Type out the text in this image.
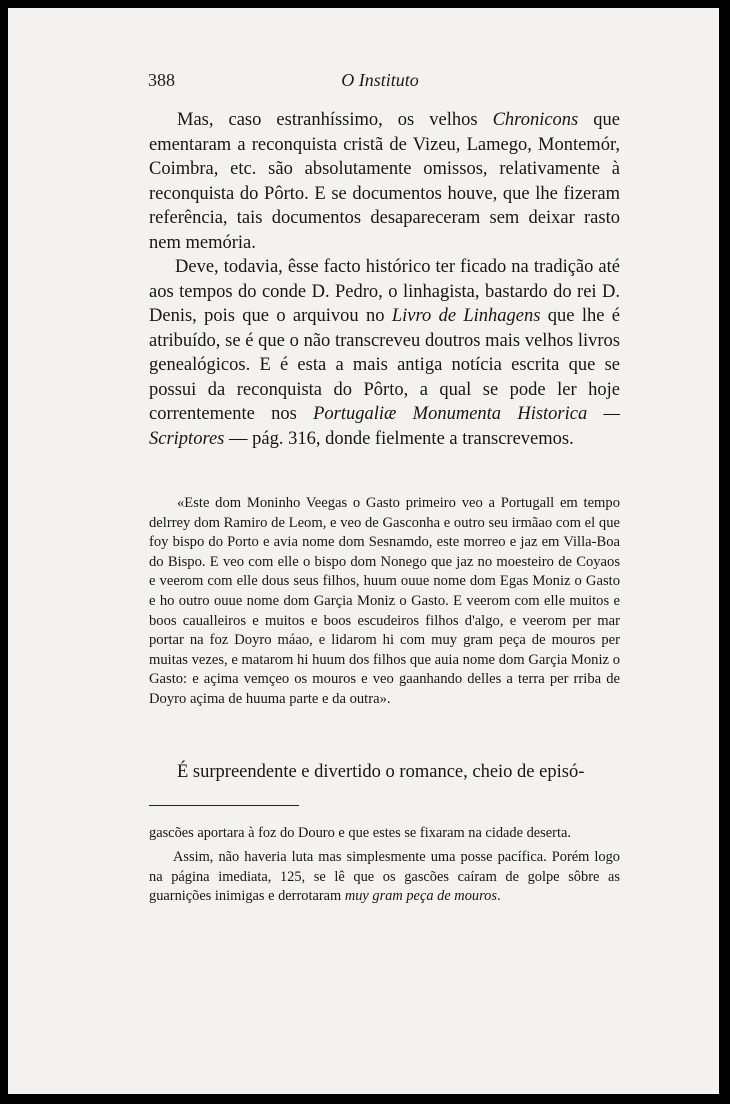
388	O Instituto

Mas, caso estranhíssimo, os velhos Chronicons que ementaram a reconquista cristã de Vizeu, Lamego, Montemór, Coimbra, etc. são absolutamente omissos, relativamente à reconquista do Pôrto. E se documentos houve, que lhe fizeram referência, tais documentos desapareceram sem deixar rasto nem memória.

Deve, todavia, êsse facto histórico ter ficado na tradição até aos tempos do conde D. Pedro, o linhagista, bastardo do rei D. Denis, pois que o arquivou no Livro de Linhagens que lhe é atribuído, se é que o não transcreveu doutros mais velhos livros genealógicos. E é esta a mais antiga notícia escrita que se possui da reconquista do Pôrto, a qual se pode ler hoje correntemente nos Portugaliæ Monumenta Historica — Scriptores — pág. 316, donde fielmente a transcrevemos.

«Este dom Moninho Veegas o Gasto primeiro veo a Portugall em tempo delrrey dom Ramiro de Leom, e veo de Gasconha e outro seu irmãao com el que foy bispo do Porto e avia nome dom Sesnamdo, este morreo e jaz em Villa-Boa do Bispo. E veo com elle o bispo dom Nonego que jaz no moesteiro de Coyaos e veerom com elle dous seus filhos, huum ouue nome dom Egas Moniz o Gasto e ho outro ouue nome dom Garçia Moniz o Gasto. E veerom com elle muitos e boos caualleiros e muitos e boos escudeiros filhos d'algo, e veerom per mar portar na foz Doyro máao, e lidarom hi com muy gram peça de mouros per muitas vezes, e matarom hi huum dos filhos que auia nome dom Garçia Moniz o Gasto: e açima vemçeo os mouros e veo gaanhando delles a terra per rriba de Doyro açima de huuma parte e da outra».

É surpreendente e divertido o romance, cheio de episó-

gascões aportara à foz do Douro e que estes se fixaram na cidade deserta.

Assim, não haveria luta mas simplesmente uma posse pacífica. Porém logo na página imediata, 125, se lê que os gascões caíram de golpe sôbre as guarnições inimigas e derrotaram muy gram peça de mouros.
